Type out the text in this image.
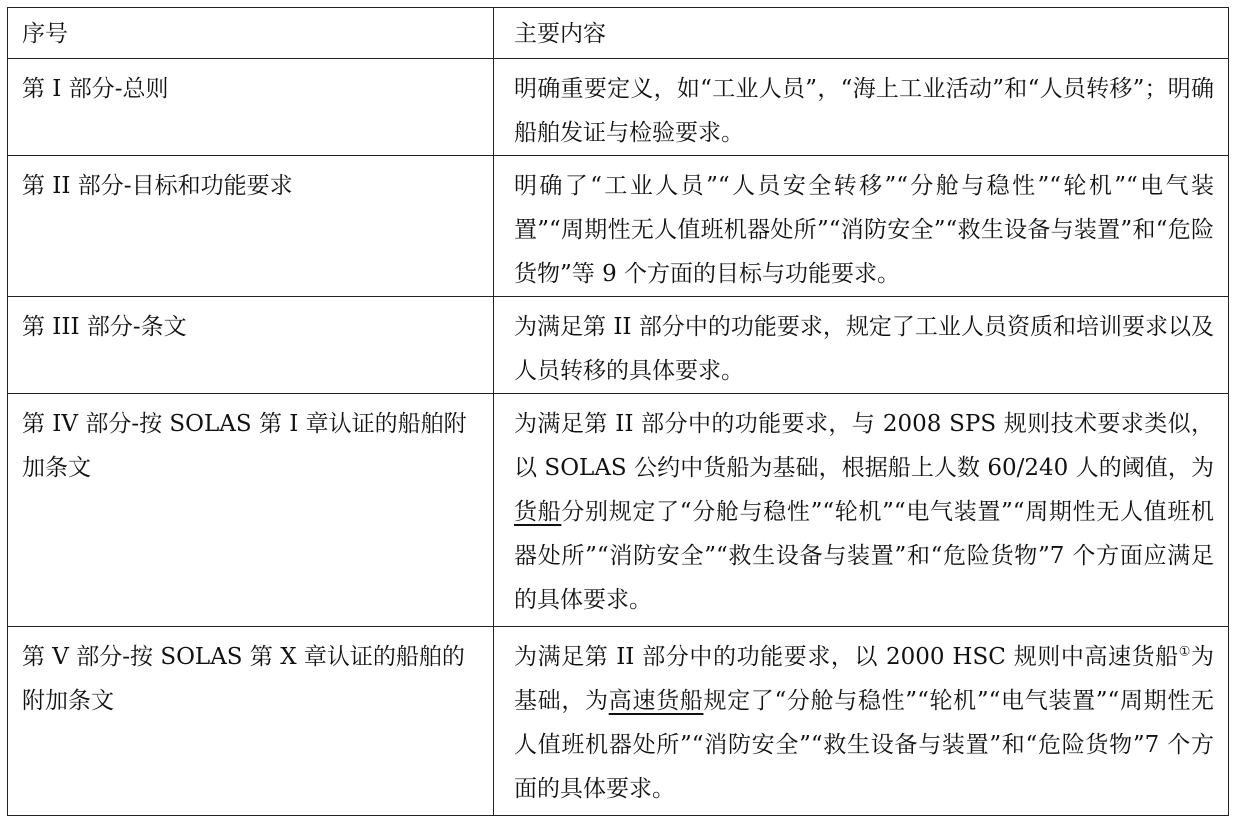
序号	主要内容
第 I 部分-总则	明确重要定义，如“工业人员”，“海上工业活动”和“人员转移”；明确船舶发证与检验要求。
第 II 部分-目标和功能要求	明确了“工业人员”“人员安全转移”“分舱与稳性”“轮机”“电气装置”“周期性无人值班机器处所”“消防安全”“救生设备与装置”和“危险货物”等 9 个方面的目标与功能要求。
第 III 部分-条文	为满足第 II 部分中的功能要求，规定了工业人员资质和培训要求以及人员转移的具体要求。
第 IV 部分-按 SOLAS 第 I 章认证的船舶附加条文	为满足第 II 部分中的功能要求，与 2008 SPS 规则技术要求类似，以 SOLAS 公约中货船为基础，根据船上人数 60/240 人的阈值，为货船分别规定了“分舱与稳性”“轮机”“电气装置”“周期性无人值班机器处所”“消防安全”“救生设备与装置”和“危险货物”7 个方面应满足的具体要求。
第 V 部分-按 SOLAS 第 X 章认证的船舶的附加条文	为满足第 II 部分中的功能要求，以 2000 HSC 规则中高速货船①为基础，为高速货船规定了“分舱与稳性”“轮机”“电气装置”“周期性无人值班机器处所”“消防安全”“救生设备与装置”和“危险货物”7 个方面的具体要求。
